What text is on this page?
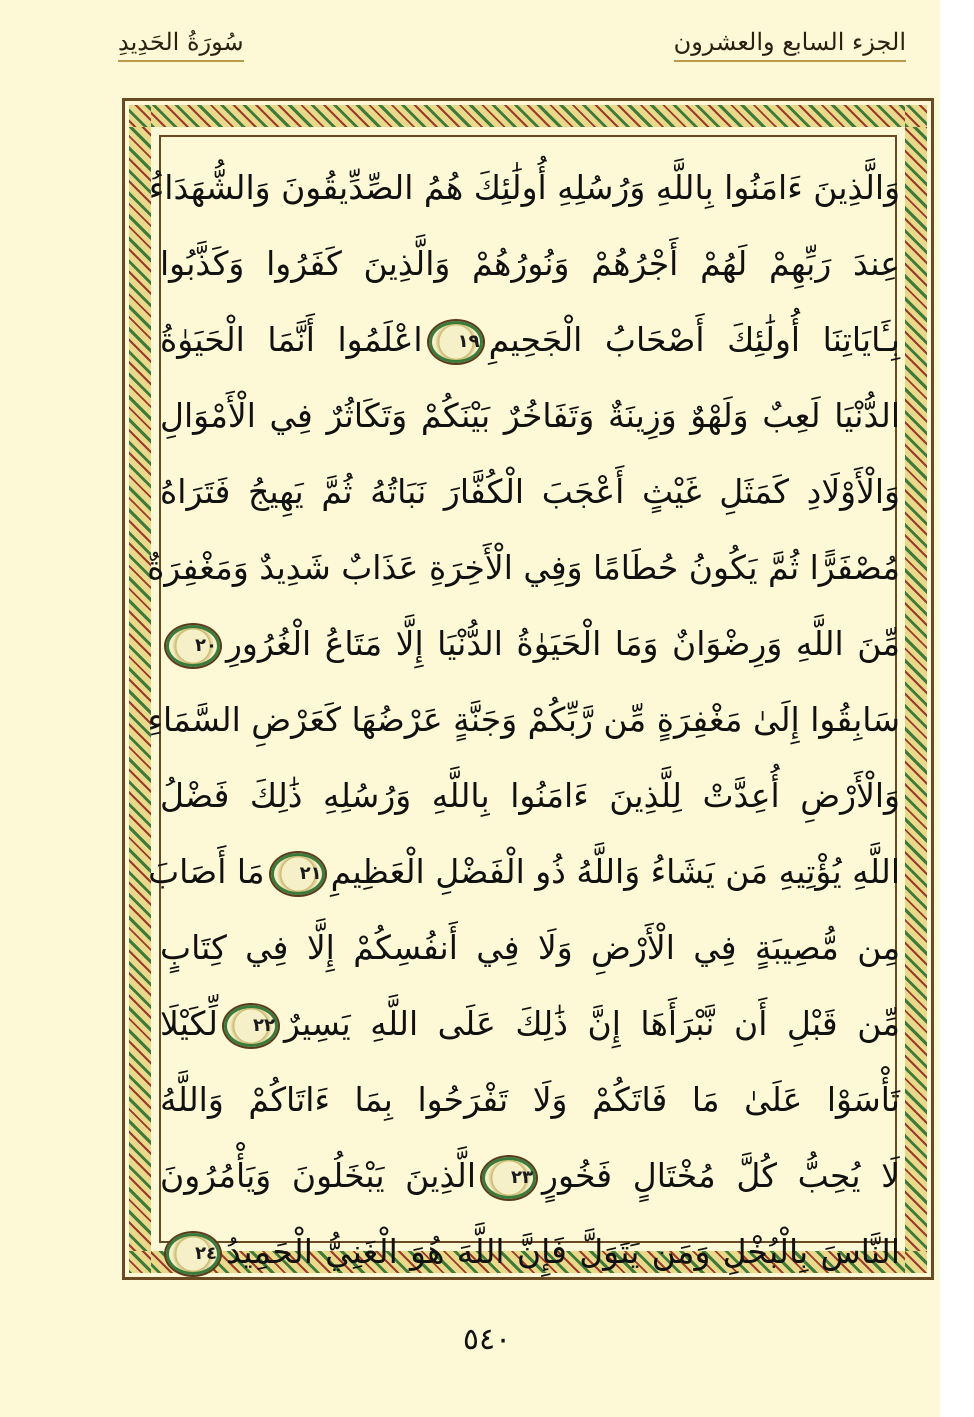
سُورَةُ الحَدِيدِ	الجزء السابع والعشرون
وَالَّذِينَ ءَامَنُوا بِاللَّهِ وَرُسُلِهِ أُولَٰئِكَ هُمُ الصِّدِّيقُونَ وَالشُّهَدَاءُ
عِندَ رَبِّهِمْ لَهُمْ أَجْرُهُمْ وَنُورُهُمْ وَالَّذِينَ كَفَرُوا وَكَذَّبُوا
بِـَٔايَاتِنَا أُولَٰئِكَ أَصْحَابُ الْجَحِيمِ١٩اعْلَمُوا أَنَّمَا الْحَيَوٰةُ
الدُّنْيَا لَعِبٌ وَلَهْوٌ وَزِينَةٌ وَتَفَاخُرٌ بَيْنَكُمْ وَتَكَاثُرٌ فِي الْأَمْوَالِ
وَالْأَوْلَادِ كَمَثَلِ غَيْثٍ أَعْجَبَ الْكُفَّارَ نَبَاتُهُ ثُمَّ يَهِيجُ فَتَرَاهُ
مُصْفَرًّا ثُمَّ يَكُونُ حُطَامًا وَفِي الْأَخِرَةِ عَذَابٌ شَدِيدٌ وَمَغْفِرَةٌ
مِّنَ اللَّهِ وَرِضْوَانٌ وَمَا الْحَيَوٰةُ الدُّنْيَا إِلَّا مَتَاعُ الْغُرُورِ٢٠
سَابِقُوا إِلَىٰ مَغْفِرَةٍ مِّن رَّبِّكُمْ وَجَنَّةٍ عَرْضُهَا كَعَرْضِ السَّمَاءِ
وَالْأَرْضِ أُعِدَّتْ لِلَّذِينَ ءَامَنُوا بِاللَّهِ وَرُسُلِهِ ذَٰلِكَ فَضْلُ
اللَّهِ يُؤْتِيهِ مَن يَشَاءُ وَاللَّهُ ذُو الْفَضْلِ الْعَظِيمِ٢١مَا أَصَابَ
مِن مُّصِيبَةٍ فِي الْأَرْضِ وَلَا فِي أَنفُسِكُمْ إِلَّا فِي كِتَابٍ
مِّن قَبْلِ أَن نَّبْرَأَهَا إِنَّ ذَٰلِكَ عَلَى اللَّهِ يَسِيرٌ٢٢لِّكَيْلَا
تَأْسَوْا عَلَىٰ مَا فَاتَكُمْ وَلَا تَفْرَحُوا بِمَا ءَاتَاكُمْ وَاللَّهُ
لَا يُحِبُّ كُلَّ مُخْتَالٍ فَخُورٍ٢٣الَّذِينَ يَبْخَلُونَ وَيَأْمُرُونَ
النَّاسَ بِالْبُخْلِ وَمَن يَتَوَلَّ فَإِنَّ اللَّهَ هُوَ الْغَنِيُّ الْحَمِيدُ٢٤
٥٤٠
